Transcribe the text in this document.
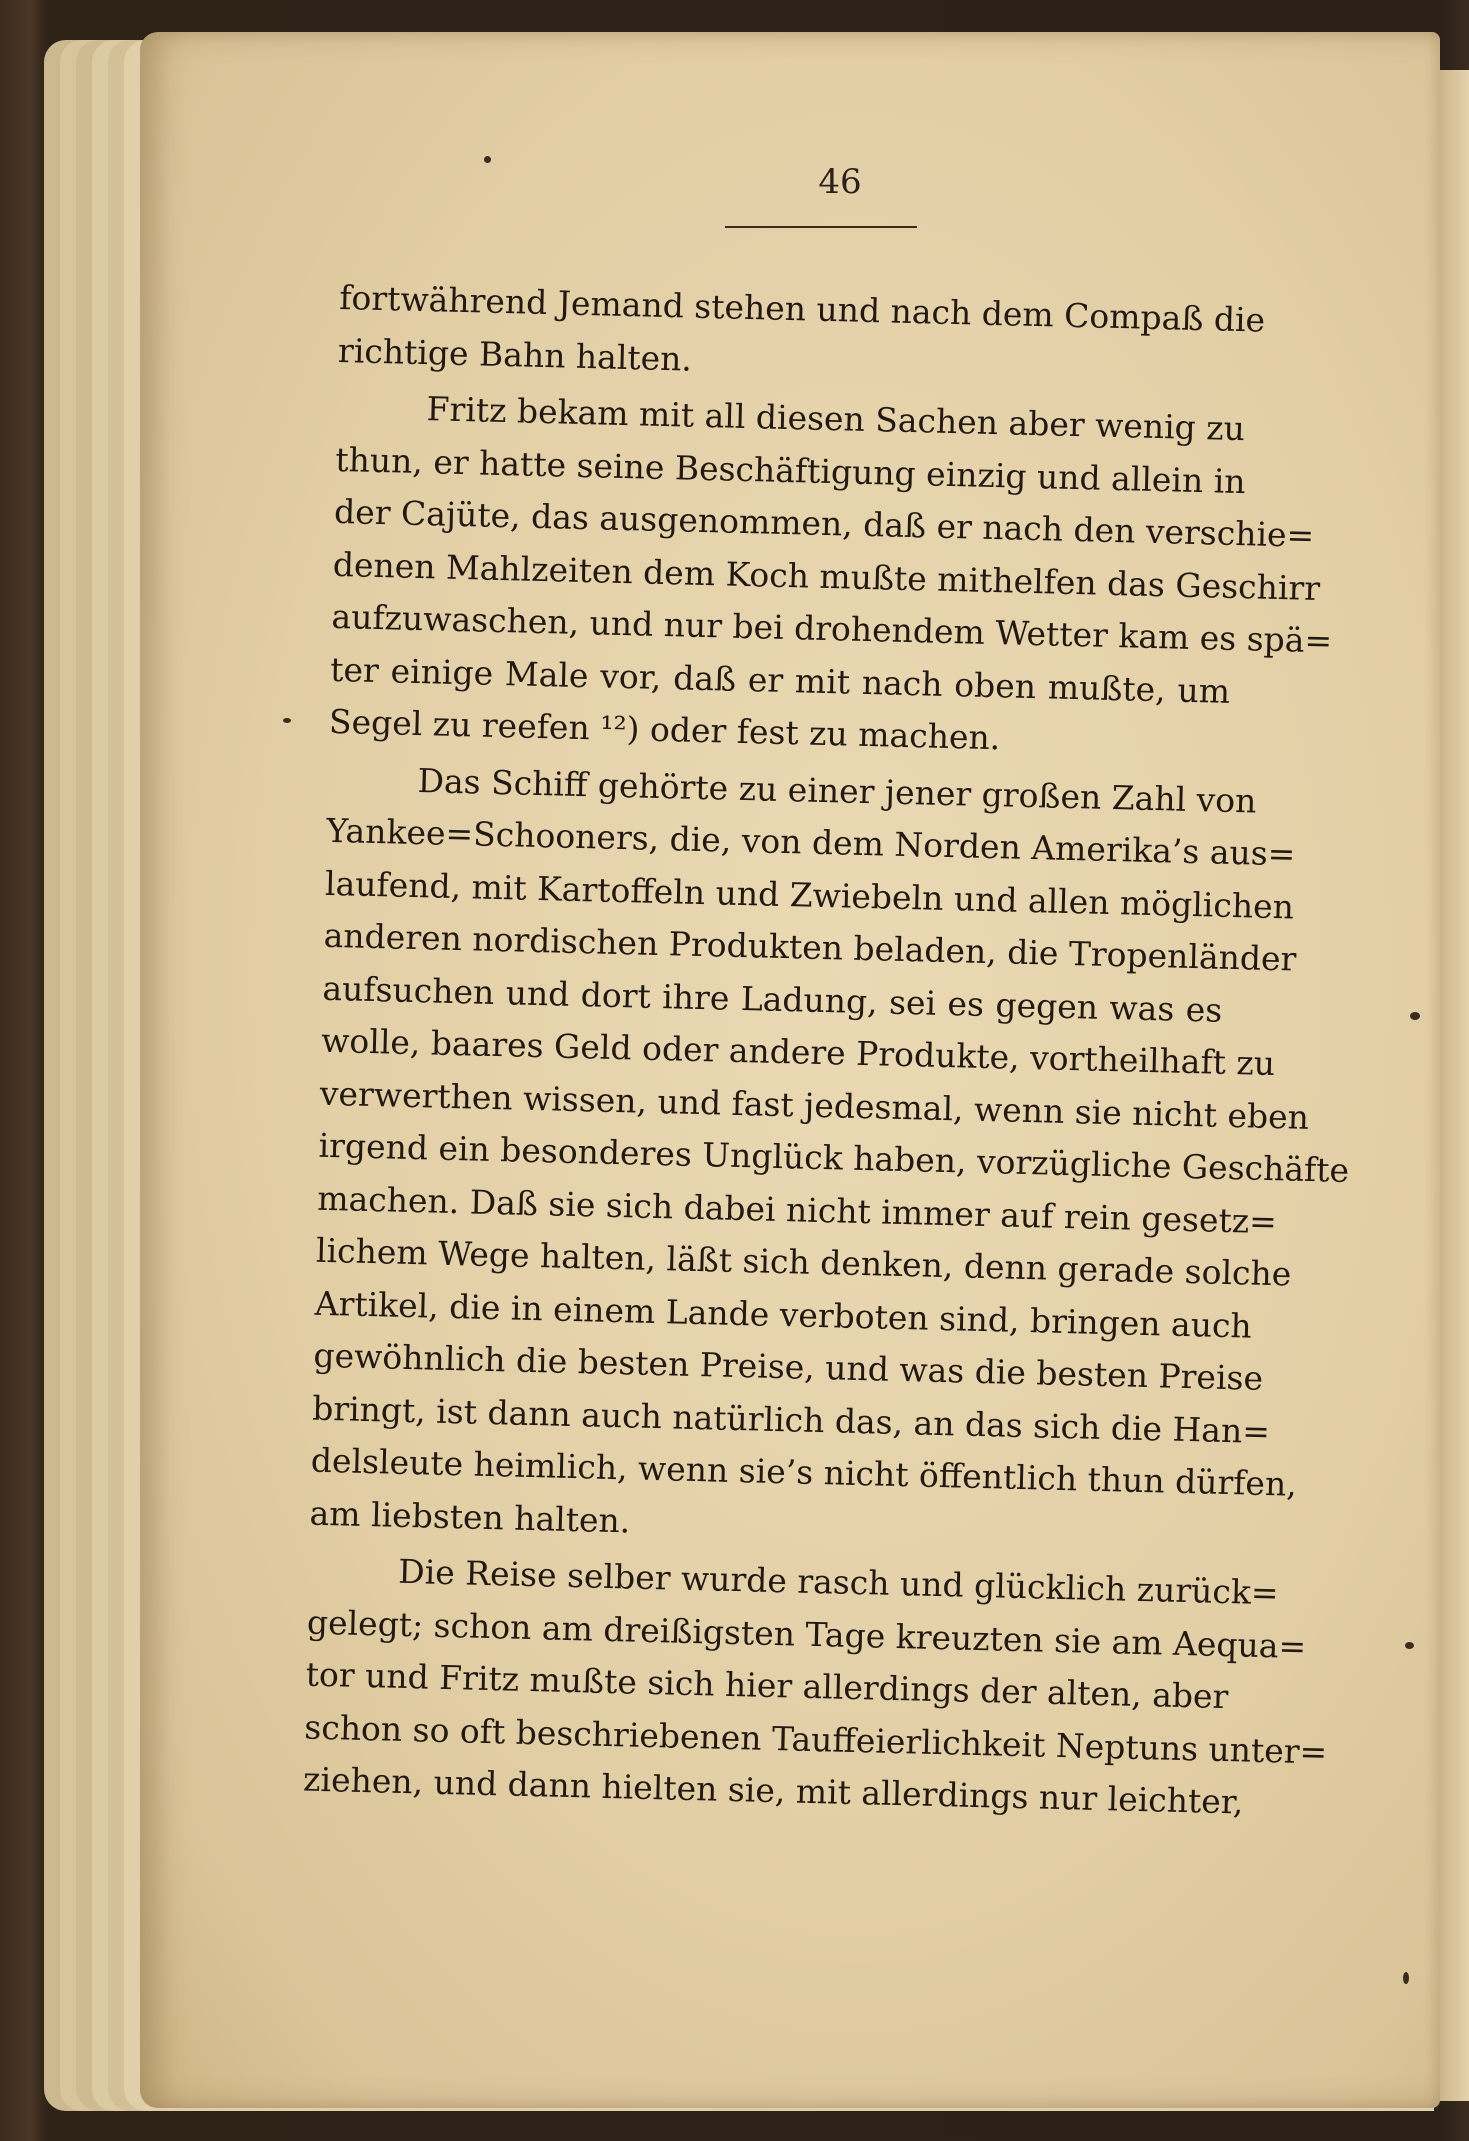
46
fortwährend Jemand stehen und nach dem Compaß die
richtige Bahn halten.
Fritz bekam mit all diesen Sachen aber wenig zu
thun, er hatte seine Beschäftigung einzig und allein in
der Cajüte, das ausgenommen, daß er nach den verschie=
denen Mahlzeiten dem Koch mußte mithelfen das Geschirr
aufzuwaschen, und nur bei drohendem Wetter kam es spä=
ter einige Male vor, daß er mit nach oben mußte, um
Segel zu reefen ¹²) oder fest zu machen.
Das Schiff gehörte zu einer jener großen Zahl von
Yankee=Schooners, die, von dem Norden Amerika’s aus=
laufend, mit Kartoffeln und Zwiebeln und allen möglichen
anderen nordischen Produkten beladen, die Tropenländer
aufsuchen und dort ihre Ladung, sei es gegen was es
wolle, baares Geld oder andere Produkte, vortheilhaft zu
verwerthen wissen, und fast jedesmal, wenn sie nicht eben
irgend ein besonderes Unglück haben, vorzügliche Geschäfte
machen. Daß sie sich dabei nicht immer auf rein gesetz=
lichem Wege halten, läßt sich denken, denn gerade solche
Artikel, die in einem Lande verboten sind, bringen auch
gewöhnlich die besten Preise, und was die besten Preise
bringt, ist dann auch natürlich das, an das sich die Han=
delsleute heimlich, wenn sie’s nicht öffentlich thun dürfen,
am liebsten halten.
Die Reise selber wurde rasch und glücklich zurück=
gelegt; schon am dreißigsten Tage kreuzten sie am Aequa=
tor und Fritz mußte sich hier allerdings der alten, aber
schon so oft beschriebenen Tauffeierlichkeit Neptuns unter=
ziehen, und dann hielten sie, mit allerdings nur leichter,
